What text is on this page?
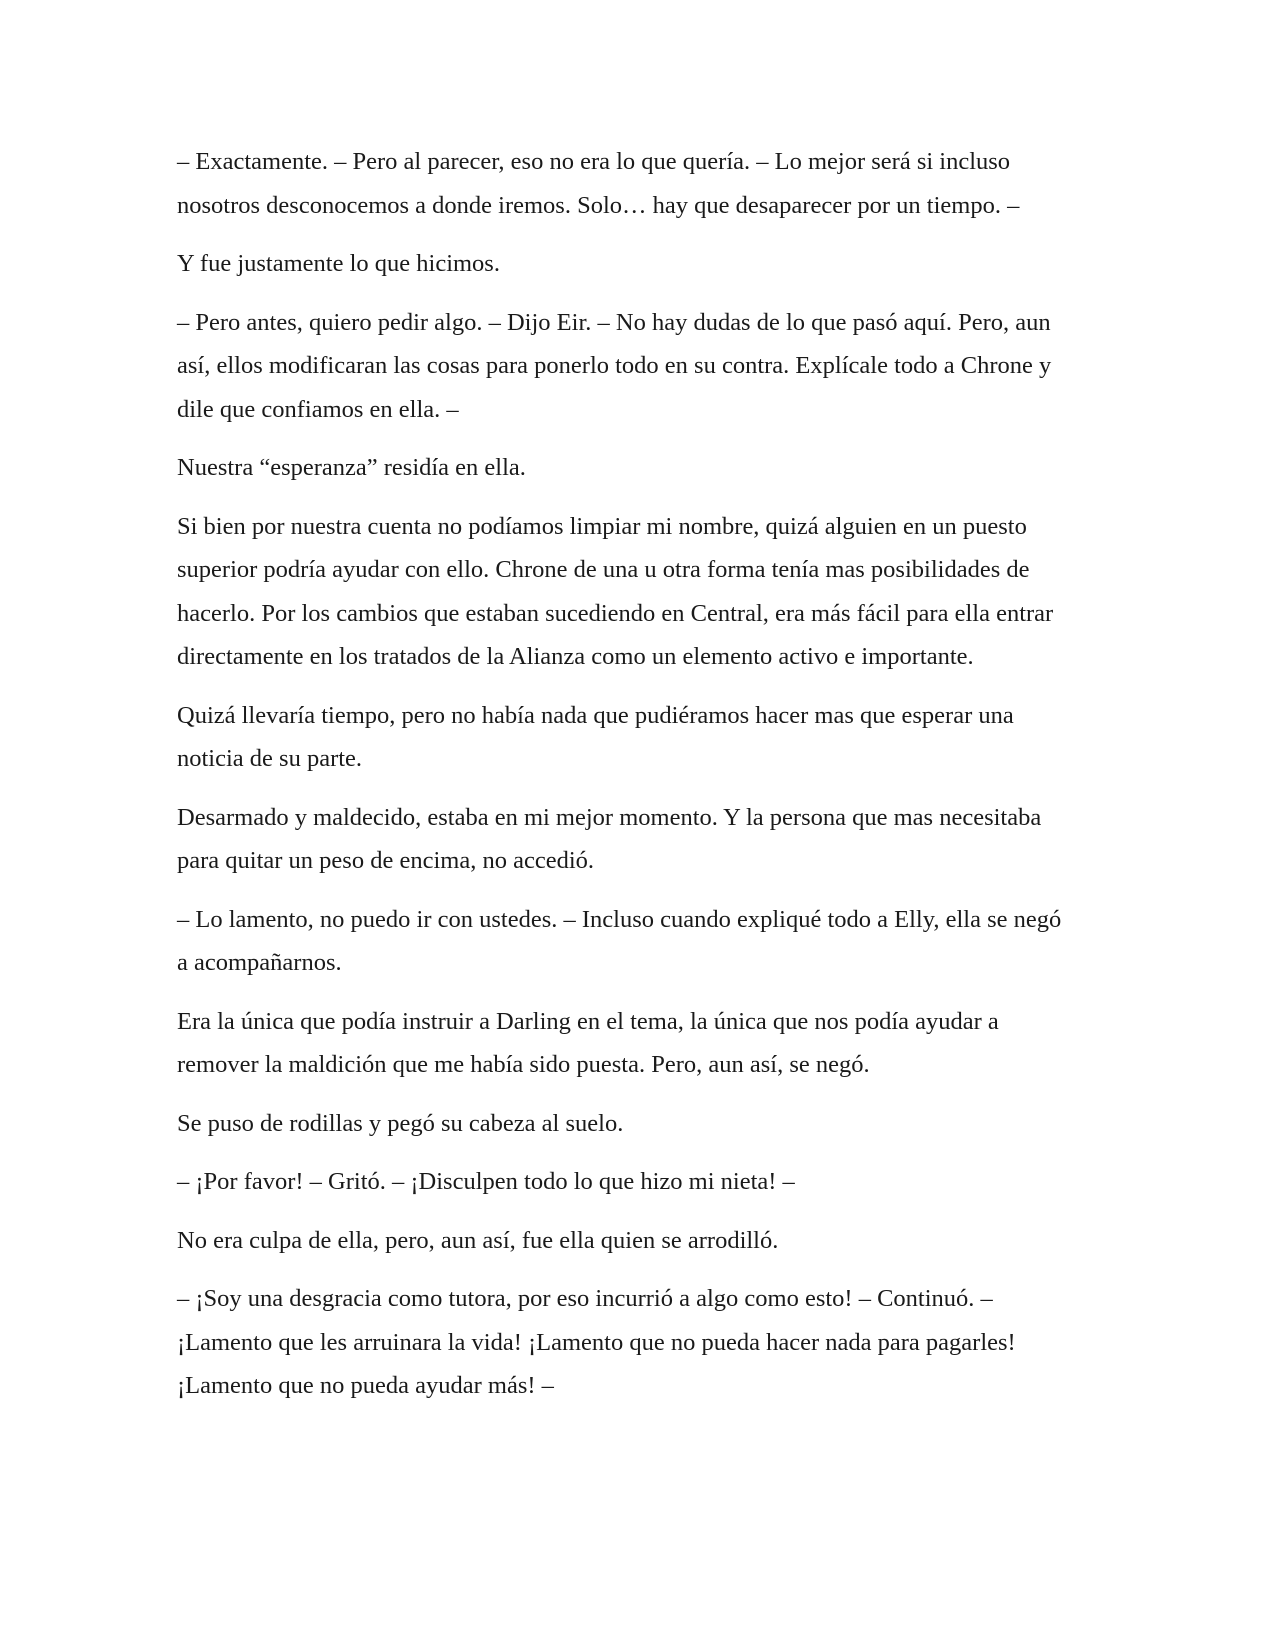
– Exactamente. – Pero al parecer, eso no era lo que quería. – Lo mejor será si incluso
nosotros desconocemos a donde iremos. Solo… hay que desaparecer por un tiempo. –

Y fue justamente lo que hicimos.

– Pero antes, quiero pedir algo. – Dijo Eir. – No hay dudas de lo que pasó aquí. Pero, aun
así, ellos modificaran las cosas para ponerlo todo en su contra. Explícale todo a Chrone y
dile que confiamos en ella. –

Nuestra “esperanza” residía en ella.

Si bien por nuestra cuenta no podíamos limpiar mi nombre, quizá alguien en un puesto
superior podría ayudar con ello. Chrone de una u otra forma tenía mas posibilidades de
hacerlo. Por los cambios que estaban sucediendo en Central, era más fácil para ella entrar
directamente en los tratados de la Alianza como un elemento activo e importante.

Quizá llevaría tiempo, pero no había nada que pudiéramos hacer mas que esperar una
noticia de su parte.

Desarmado y maldecido, estaba en mi mejor momento. Y la persona que mas necesitaba
para quitar un peso de encima, no accedió.

– Lo lamento, no puedo ir con ustedes. – Incluso cuando expliqué todo a Elly, ella se negó
a acompañarnos.

Era la única que podía instruir a Darling en el tema, la única que nos podía ayudar a
remover la maldición que me había sido puesta. Pero, aun así, se negó.

Se puso de rodillas y pegó su cabeza al suelo.

– ¡Por favor! – Gritó. – ¡Disculpen todo lo que hizo mi nieta! –

No era culpa de ella, pero, aun así, fue ella quien se arrodilló.

– ¡Soy una desgracia como tutora, por eso incurrió a algo como esto! – Continuó. –
¡Lamento que les arruinara la vida! ¡Lamento que no pueda hacer nada para pagarles!
¡Lamento que no pueda ayudar más! –
